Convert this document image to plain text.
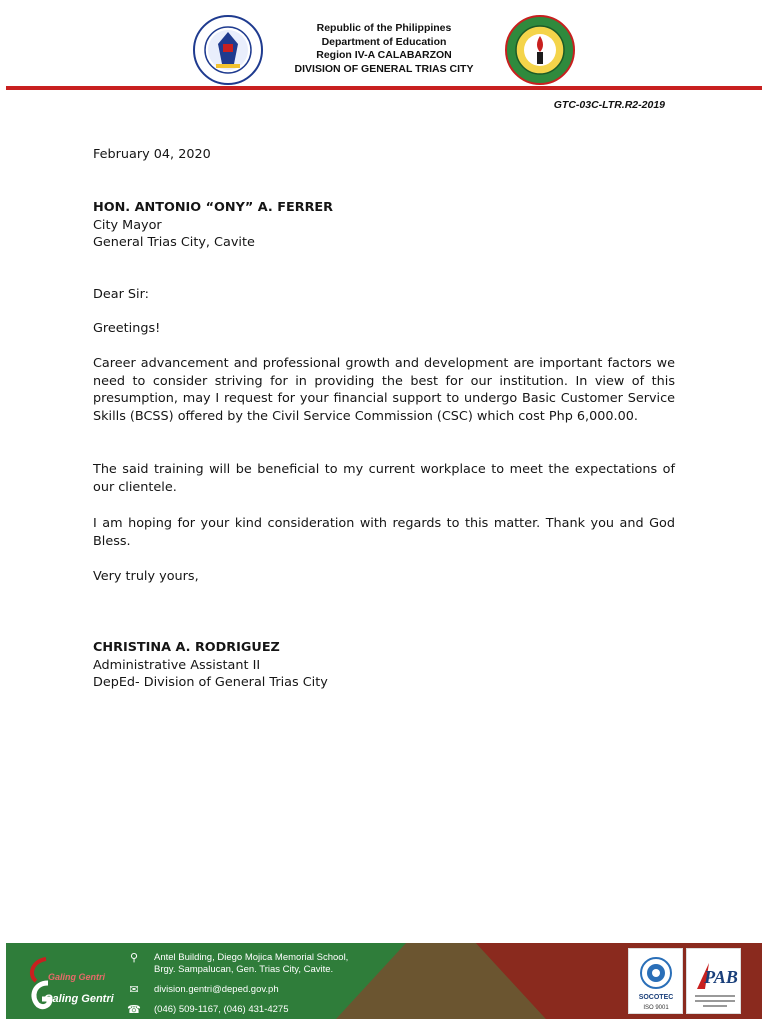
Republic of the Philippines
Department of Education
Region IV-A CALABARZON
DIVISION OF GENERAL TRIAS CITY
GTC-03C-LTR.R2-2019
February 04, 2020
HON. ANTONIO “ONY” A. FERRER
City Mayor
General Trias City, Cavite
Dear Sir:
Greetings!
Career advancement and professional growth and development are important factors we need to consider striving for in providing the best for our institution. In view of this presumption, may I request for your financial support to undergo Basic Customer Service Skills (BCSS) offered by the Civil Service Commission (CSC) which cost Php 6,000.00.
The said training will be beneficial to my current workplace to meet the expectations of our clientele.
I am hoping for your kind consideration with regards to this matter. Thank you and God Bless.
Very truly yours,
CHRISTINA A. RODRIGUEZ
Administrative Assistant II
DepEd- Division of General Trias City
Galing Gentri
Galing Gentri
⚲	Antel Building, Diego Mojica Memorial School,
Brgy. Sampalucan, Gen. Trias City, Cavite.
✉	division.gentri@deped.gov.ph
☎ (046) 509-1167, (046) 431-4275
SOCOTEC
ISO 9001
PAB
